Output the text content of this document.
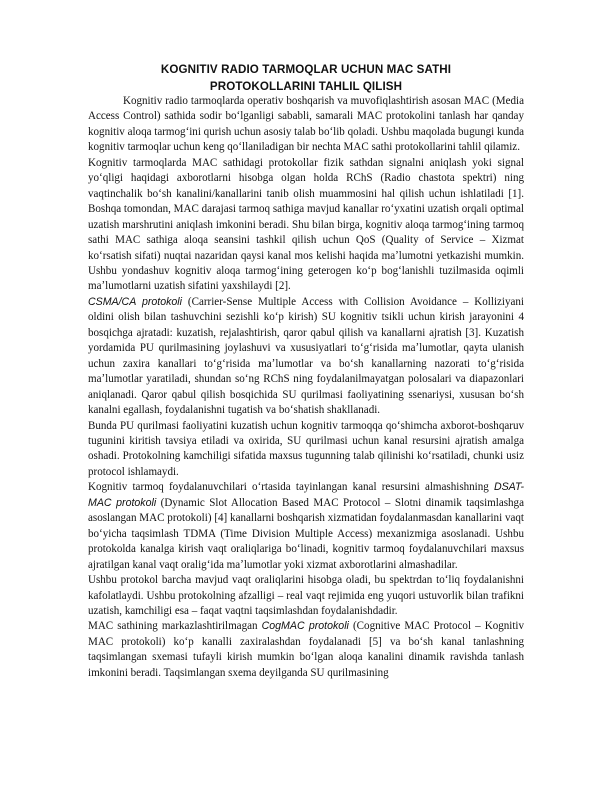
KOGNITIV RADIO TARMOQLAR UCHUN MAC SATHI
PROTOKOLLARINI TAHLIL QILISH

Kognitiv radio tarmoqlarda operativ boshqarish va muvofiqlashtirish asosan MAC (Media Access Control) sathida sodir boʻlganligi sababli, samarali MAC protokolini tanlash har qanday kognitiv aloqa tarmogʻini qurish uchun asosiy talab boʻlib qoladi. Ushbu maqolada bugungi kunda kognitiv tarmoqlar uchun keng qoʻllaniladigan bir nechta MAC sathi protokollarini tahlil qilamiz.

Kognitiv tarmoqlarda MAC sathidagi protokollar fizik sathdan signalni aniqlash yoki signal yoʻqligi haqidagi axborotlarni hisobga olgan holda RChS (Radio chastota spektri) ning vaqtinchalik boʻsh kanalini/kanallarini tanib olish muammosini hal qilish uchun ishlatiladi [1]. Boshqa tomondan, MAC darajasi tarmoq sathiga mavjud kanallar roʻyxatini uzatish orqali optimal uzatish marshrutini aniqlash imkonini beradi. Shu bilan birga, kognitiv aloqa tarmogʻining tarmoq sathi MAC sathiga aloqa seansini tashkil qilish uchun QoS (Quality of Service – Xizmat koʻrsatish sifati) nuqtai nazaridan qaysi kanal mos kelishi haqida maʼlumotni yetkazishi mumkin. Ushbu yondashuv kognitiv aloqa tarmogʻining geterogen koʻp bogʻlanishli tuzilmasida oqimli maʼlumotlarni uzatish sifatini yaxshilaydi [2].

CSMA/CA protokoli (Carrier-Sense Multiple Access with Collision Avoidance – Kolliziyani oldini olish bilan tashuvchini sezishli koʻp kirish) SU kognitiv tsikli uchun kirish jarayonini 4 bosqichga ajratadi: kuzatish, rejalashtirish, qaror qabul qilish va kanallarni ajratish [3]. Kuzatish yordamida PU qurilmasining joylashuvi va xususiyatlari toʻgʻrisida maʼlumotlar, qayta ulanish uchun zaxira kanallari toʻgʻrisida maʼlumotlar va boʻsh kanallarning nazorati toʻgʻrisida maʼlumotlar yaratiladi, shundan soʻng RChS ning foydalanilmayatgan polosalari va diapazonlari aniqlanadi. Qaror qabul qilish bosqichida SU qurilmasi faoliyatining ssenariysi, xususan boʻsh kanalni egallash, foydalanishni tugatish va boʻshatish shakllanadi.

Bunda PU qurilmasi faoliyatini kuzatish uchun kognitiv tarmoqqa qoʻshimcha axborot-boshqaruv tugunini kiritish tavsiya etiladi va oxirida, SU qurilmasi uchun kanal resursini ajratish amalga oshadi. Protokolning kamchiligi sifatida maxsus tugunning talab qilinishi koʻrsatiladi, chunki usiz protocol ishlamaydi.

Kognitiv tarmoq foydalanuvchilari oʻrtasida tayinlangan kanal resursini almashishning DSAT-MAC protokoli (Dynamic Slot Allocation Based MAC Protocol – Slotni dinamik taqsimlashga asoslangan MAC protokoli) [4] kanallarni boshqarish xizmatidan foydalanmasdan kanallarini vaqt boʻyicha taqsimlash TDMA (Time Division Multiple Access) mexanizmiga asoslanadi. Ushbu protokolda kanalga kirish vaqt oraliqlariga boʻlinadi, kognitiv tarmoq foydalanuvchilari maxsus ajratilgan kanal vaqt oraligʻida maʼlumotlar yoki xizmat axborotlarini almashadilar.

Ushbu protokol barcha mavjud vaqt oraliqlarini hisobga oladi, bu spektrdan toʻliq foydalanishni kafolatlaydi. Ushbu protokolning afzalligi – real vaqt rejimida eng yuqori ustuvorlik bilan trafikni uzatish, kamchiligi esa – faqat vaqtni taqsimlashdan foydalanishdadir.

MAC sathining markazlashtirilmagan CogMAC protokoli (Cognitive MAC Protocol – Kognitiv MAC protokoli) koʻp kanalli zaxiralashdan foydalanadi [5] va boʻsh kanal tanlashning taqsimlangan sxemasi tufayli kirish mumkin boʻlgan aloqa kanalini dinamik ravishda tanlash imkonini beradi. Taqsimlangan sxema deyilganda SU qurilmasining
